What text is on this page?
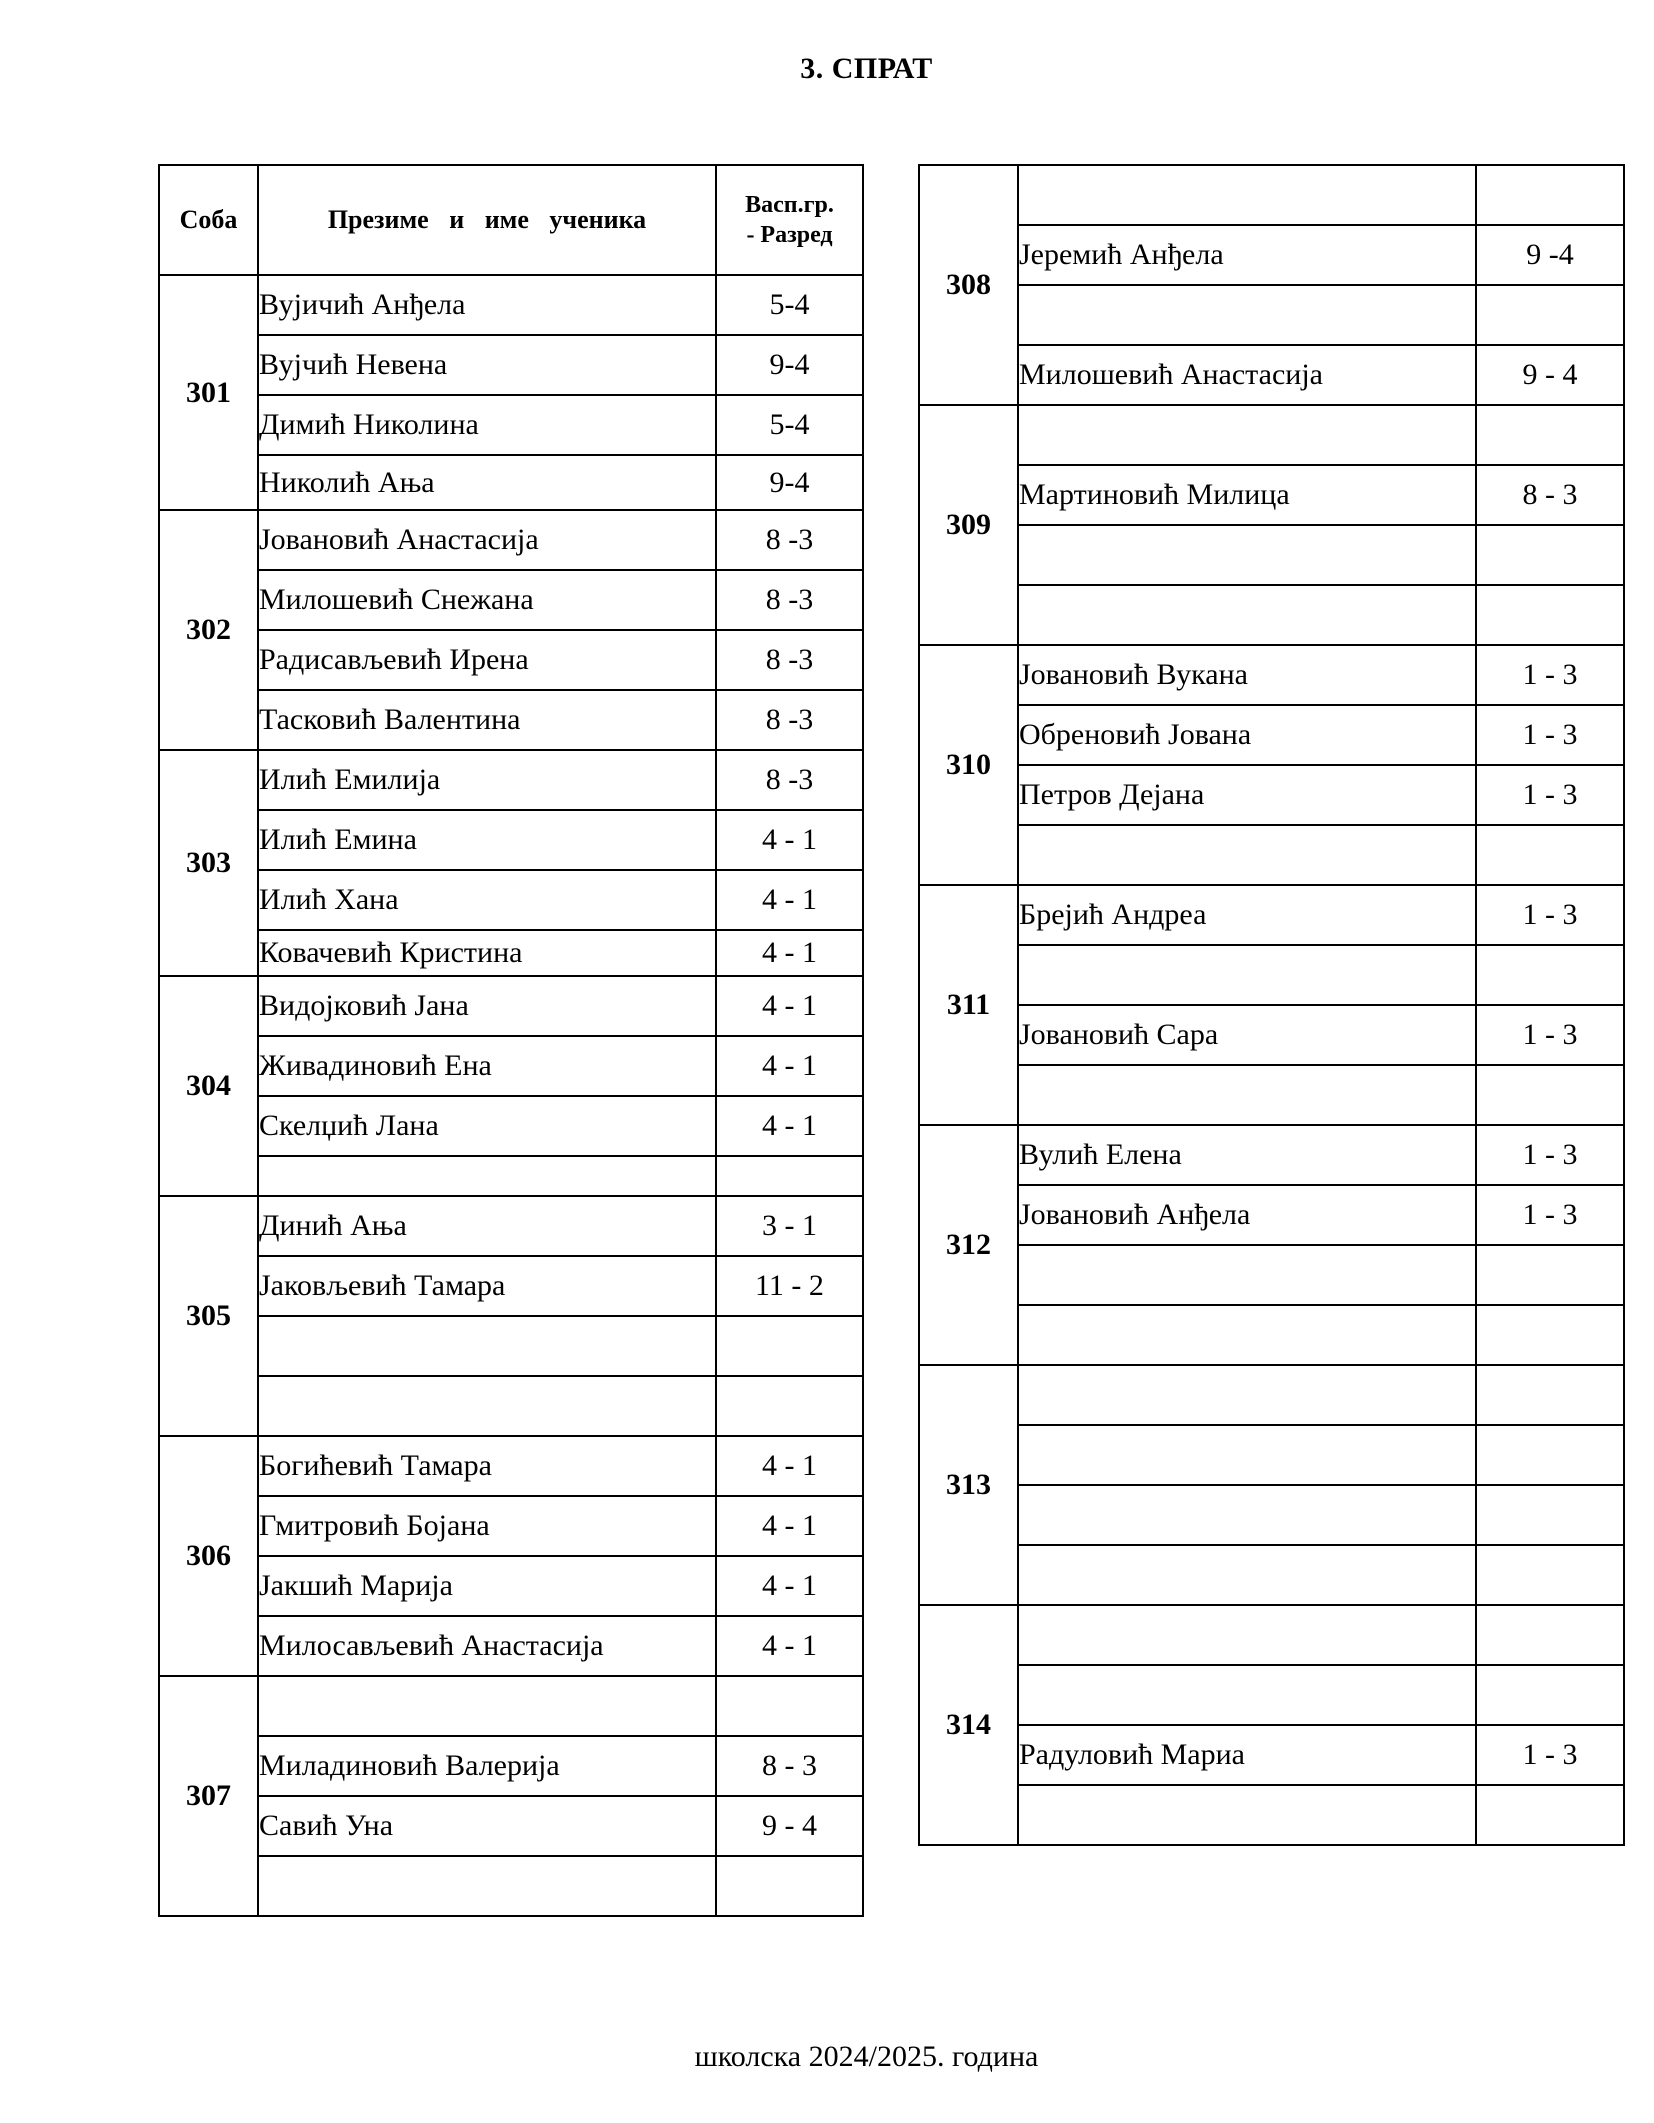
3. СПРАТ
Соба	Презиме и име ученика	Васп.гр.
- Разред

301	Вујичић Анђела	5-4
	Вујчић Невена	9-4
	Димић Николина	5-4
	Николић Ања	9-4
302	Јовановић Анастасија	8 -3
	Милошевић Снежана	8 -3
	Радисављевић Ирена	8 -3
	Тасковић Валентина	8 -3
303	Илић Емилија	8 -3
	Илић Емина	4 - 1
	Илић Хана	4 - 1
	Ковачевић Кристина	4 - 1
304	Видојковић Јана	4 - 1
	Живадиновић Ена	4 - 1
	Скелџић Лана	4 - 1

305	Динић Ања	3 - 1
	Јаковљевић Тамара	11 - 2

306	Богићевић Тамара	4 - 1
	Гмитровић Бојана	4 - 1
	Јакшић Марија	4 - 1
	Милосављевић Анастасија	4 - 1
307		
	Миладиновић Валерија	8 - 3
	Савић Уна	9 - 4

308		
	Јеремић Анђела	9 -4

	Милошевић Анастасија	9 - 4
309		
	Мартиновић Милица	8 - 3

310	Јовановић Вукана	1 - 3
	Обреновић Јована	1 - 3
	Петров Дејана	1 - 3

311	Брејић Андреа	1 - 3

	Јовановић Сара	1 - 3

312	Вулић Елена	1 - 3
	Јовановић Анђела	1 - 3

313		

314		

	Радуловић Мариа	1 - 3

школска 2024/2025. година
